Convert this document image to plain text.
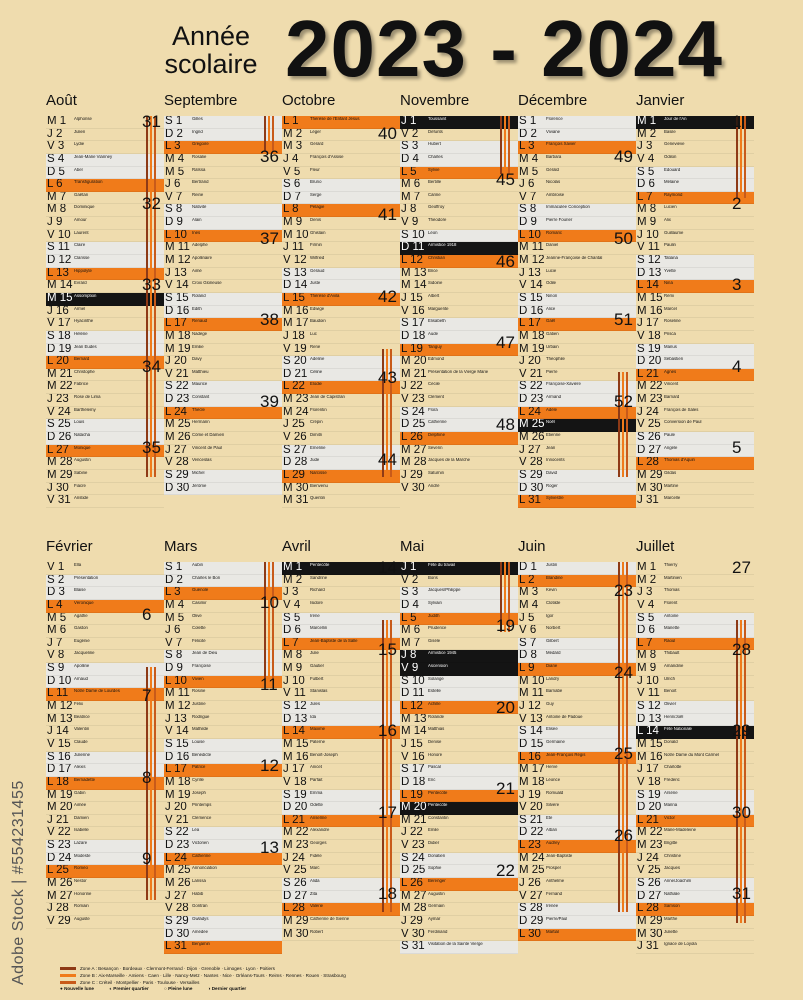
Année scolaire 2023 - 2024
Août
M 1	Alphonse
J 2	Julien
V 3	Lydie
S 4	Jean-Marie Vianney
D 5	Abel
L 6	Transfiguration
M 7	Gaëtan
M 8	Dominique
J 9	Amour
V 10 Laurent
S 11 Claire
D 12 Clarisse
L 13	Hippolyte
M 14 Evrard
M 15 Assomption
J 16	Armel
V 17 Hyacinthe
S 18 Hélène
D 19 Jean Eudes
L 20	Bernard
M 21 Christophe
M 22 Fabrice
J 23	Rose de Lima
V 24 Barthélemy
S 25 Louis
D 26 Natacha
L 27	Monique
M 28 Augustin
M 29 Sabine
J 30	Fiacre
V 31 Aristide
31
32
33
34
35
Septembre
S 1	Gilles
D 2	Ingrid
L 3	Grégoire
M 4	Rosalie
M 5	Raïssa
J 6	Bertrand
V 7	Reine
S 8	Nativité
D 9	Alain
L 10	Inès
M 11 Adelphe
M 12 Apollinaire
J 13	Aimé
V 14 Croix Glorieuse
S 15 Roland
D 16 Edith
L 17	Renaud
M 18 Nadège
M 19 Emilie
J 20	Davy
V 21 Matthieu
S 22 Maurice
D 23 Constant
L 24	Thècle
M 25 Hermann
M 26 Côme et Damien
J 27	Vincent de Paul
V 28 Venceslas
S 29 Michel
D 30 Jérôme
36
37
38
39
Octobre
L 1	Thérèse de l'Enfant Jésus
M 2	Léger
M 3	Gérard
J 4	François d'Assise
V 5	Fleur
S 6	Bruno
D 7	Serge
L 8	Pélagie
M 9	Denis
M 10 Ghislain
J 11	Firmin
V 12 Wilfried
S 13 Géraud
D 14 Juste
L 15	Thérèse d'Avila
M 16 Edwige
M 17 Baudoin
J 18	Luc
V 19 René
S 20 Adeline
D 21 Céline
L 22	Elodie
M 23 Jean de Capistran
M 24 Florentin
J 25	Crépin
V 26 Dimitri
S 27 Emeline
D 28 Jude
L 29	Narcisse
M 30 Bienvenu
M 31 Quentin
40
41
42
43
44
Novembre
J 1	Toussaint
V 2	Défunts
S 3	Hubert
D 4	Charles
L 5	Sylvie
M 6	Bertille
M 7	Carine
J 8	Geoffroy
V 9	Théodore
S 10 Léon
D 11 Armistice 1918
L 12	Christian
M 13 Brice
M 14 Sidoine
J 15	Albert
V 16 Marguerite
S 17 Elisabeth
D 18 Aude
L 19	Tanguy
M 20 Edmond
M 21 Présentation de la Vierge Marie
J 22	Cécile
V 23 Clément
S 24 Flora
D 25 Catherine
L 26	Delphine
M 27 Séverin
M 28 Jacques de la Marche
J 29	Saturnin
V 30 André
45
46
47
48
Décembre
S 1	Florence
D 2	Viviane
L 3	François Xavier
M 4	Barbara
M 5	Gérald
J 6	Nicolas
V 7	Ambroise
S 8	Immaculée Conception
D 9	Pierre Fourier
L 10	Romaric
M 11 Daniel
M 12 Jeanne-Françoise de Chantal
J 13	Lucie
V 14 Odile
S 15 Ninon
D 16 Alice
L 17	Gaël
M 18 Gatien
M 19 Urbain
J 20	Théophile
V 21 Pierre
S 22 Françoise-Xavière
D 23 Armand
L 24	Adèle
M 25 Noël
M 26 Etienne
J 27	Jean
V 28 Innocents
S 29 David
D 30 Roger
L 31	Sylvestre
49
50
51
52
Janvier
M 1	Jour de l'An
M 2	Basile
J 3	Geneviève
V 4	Odilon
S 5	Edouard
D 6	Mélaine
L 7	Raymond
M 8	Lucien
M 9	Alix
J 10	Guillaume
V 11 Paulin
S 12 Tatiana
D 13 Yvette
L 14	Nina
M 15 Rémi
M 16 Marcel
J 17	Roseline
V 18 Prisca
S 19 Marius
D 20 Sébastien
L 21	Agnès
M 22 Vincent
M 23 Barnard
J 24	François de Sales
V 25 Conversion de Paul
S 26 Paule
D 27 Angèle
L 28	Thomas d'Aquin
M 29 Gildas
M 30 Martine
J 31	Marcelle
1
2
3
4
5
Février
V 1	Ella
S 2	Présentation
D 3	Blaise
L 4	Véronique
M 5	Agathe
M 6	Gaston
J 7	Eugénie
V 8	Jacqueline
S 9	Apolline
D 10 Arnaud
L 11	Notre Dame de Lourdes
M 12 Félix
M 13 Béatrice
J 14	Valentin
V 15 Claude
S 16 Julienne
D 17 Alexis
L 18	Bernadette
M 19 Gabin
M 20 Aimée
J 21	Damien
V 22 Isabelle
S 23 Lazare
D 24 Modeste
L 25	Roméo
M 26 Nestor
M 27 Honorine
J 28	Romain
V 29 Auguste
6
7
8
9
Mars
S 1	Aubin
D 2	Charles le Bon
L 3	Guénolé
M 4	Casimir
M 5	Olive
J 6	Colette
V 7	Félicité
S 8	Jean de Dieu
D 9	Françoise
L 10	Vivien
M 11 Rosine
M 12 Justine
J 13	Rodrigue
V 14 Mathilde
S 15 Louise
D 16 Bénédicte
L 17	Patrice
M 18 Cyrille
M 19 Joseph
J 20	Printemps
V 21 Clémence
S 22 Léa
D 23 Victorien
L 24	Catherine
M 25 Annonciation
M 26 Larissa
J 27	Habib
V 28 Gontran
S 29 Gwladys
D 30 Amédée
L 31	Benjamin
10
11
12
13
Avril
M 1	Pentecôte
M 2	Sandrine
J 3	Richard
V 4	Isidore
S 5	Irène
D 6	Marcellin
L 7	Jean-Baptiste de la Salle
M 8	Julie
M 9	Gautier
J 10	Fulbert
V 11 Stanislas
S 12 Jules
D 13 Ida
L 14	Maxime
M 15 Paterne
M 16 Benoît-Joseph
J 17	Anicet
V 18 Parfait
S 19 Emma
D 20 Odette
L 21	Anselme
M 22 Alexandre
M 23 Georges
J 24	Fidèle
V 25 Marc
S 26 Alida
D 27 Zita
L 28	Valérie
M 29 Catherine de Sienne
M 30 Robert
14
15
16
17
18
Mai
J 1	Fête du travail
V 2	Boris
S 3	Jacques/Philippe
D 4	Sylvain
L 5	Judith
M 6	Prudence
M 7	Gisèle
J 8	Armistice 1945
V 9	Ascension
S 10 Solange
D 11 Estelle
L 12	Achille
M 13 Rolande
M 14 Matthias
J 15	Denise
V 16 Honoré
S 17 Pascal
D 18 Eric
L 19	Pentecôte
M 20 Pentecôte
M 21 Constantin
J 22	Emile
V 23 Didier
S 24 Donatien
D 25 Sophie
L 26	Bérenger
M 27 Augustin
M 28 Germain
J 29	Aymar
V 30 Ferdinand
S 31 Visitation de la Sainte Vierge
19
20
21
22
Juin
D 1	Justin
L 2	Blandine
M 3	Kévin
M 4	Clotilde
J 5	Igor
V 6	Norbert
S 7	Gilbert
D 8	Médard
L 9	Diane
M 10 Landry
M 11 Barnabé
J 12	Guy
V 13 Antoine de Padoue
S 14 Elisée
D 15 Germaine
L 16	Jean-François Régis
M 17 Hervé
M 18 Léonce
J 19	Romuald
V 20 Silvère
S 21 Eté
D 22 Alban
L 23	Audrey
M 24 Jean-Baptiste
M 25 Prosper
J 26	Anthelme
V 27 Fernand
S 28 Irénée
D 29 Pierre/Paul
L 30	Martial
23
24
25
26
Juillet
M 1	Thierry
M 2	Martinien
J 3	Thomas
V 4	Florent
S 5	Antoine
D 6	Mariette
L 7	Raoul
M 8	Thibault
M 9	Amandine
J 10	Ulrich
V 11 Benoît
S 12 Olivier
D 13 Henri/Joël
L 14	Fête Nationale
M 15 Donald
M 16 Notre Dame du Mont Carmel
J 17	Charlotte
V 18 Frédéric
S 19 Arsène
D 20 Marina
L 21	Victor
M 22 Marie-Madeleine
M 23 Brigitte
J 24	Christine
V 25 Jacques
S 26 Anne/Joachim
D 27 Nathalie
L 28	Samson
M 29 Marthe
M 30 Juliette
J 31	Ignace de Loyola
27
28
29
30
31
Zone A : Besançon · Bordeaux · Clermont-Ferrand · Dijon · Grenoble · Limoges · Lyon · Poitiers
Zone B : Aix-Marseille · Amiens · Caen · Lille · Nancy-Metz · Nantes · Nice · Orléans-Tours · Reims · Rennes · Rouen · Strasbourg
Zone C : Créteil · Montpellier · Paris · Toulouse · Versailles
● Nouvelle lune	◐ Premier quartier	○ Pleine lune	◑ Dernier quartier
Adobe Stock | #554231455
